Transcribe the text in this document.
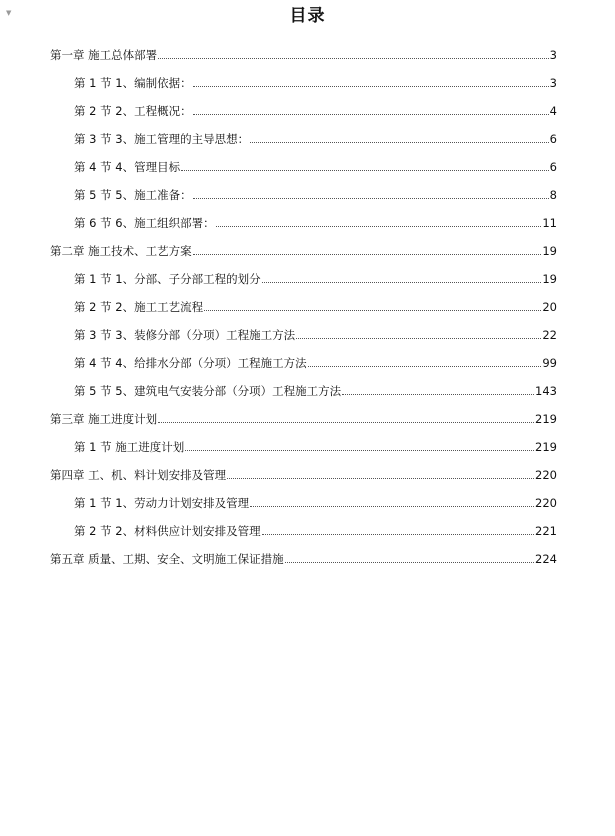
▼	目录
第一章 施工总体部署	3
第 1 节 1、编制依据：	3
第 2 节 2、工程概况：	4
第 3 节 3、施工管理的主导思想：	6
第 4 节 4、管理目标	6
第 5 节 5、施工准备：	8
第 6 节 6、施工组织部署：	11
第二章 施工技术、工艺方案	19
第 1 节 1、分部、子分部工程的划分	19
第 2 节 2、施工工艺流程	20
第 3 节 3、装修分部（分项）工程施工方法	22
第 4 节 4、给排水分部（分项）工程施工方法	99
第 5 节 5、建筑电气安装分部（分项）工程施工方法	143
第三章 施工进度计划	219
第 1 节 施工进度计划	219
第四章 工、机、料计划安排及管理	220
第 1 节 1、劳动力计划安排及管理	220
第 2 节 2、材料供应计划安排及管理	221
第五章 质量、工期、安全、文明施工保证措施	224
